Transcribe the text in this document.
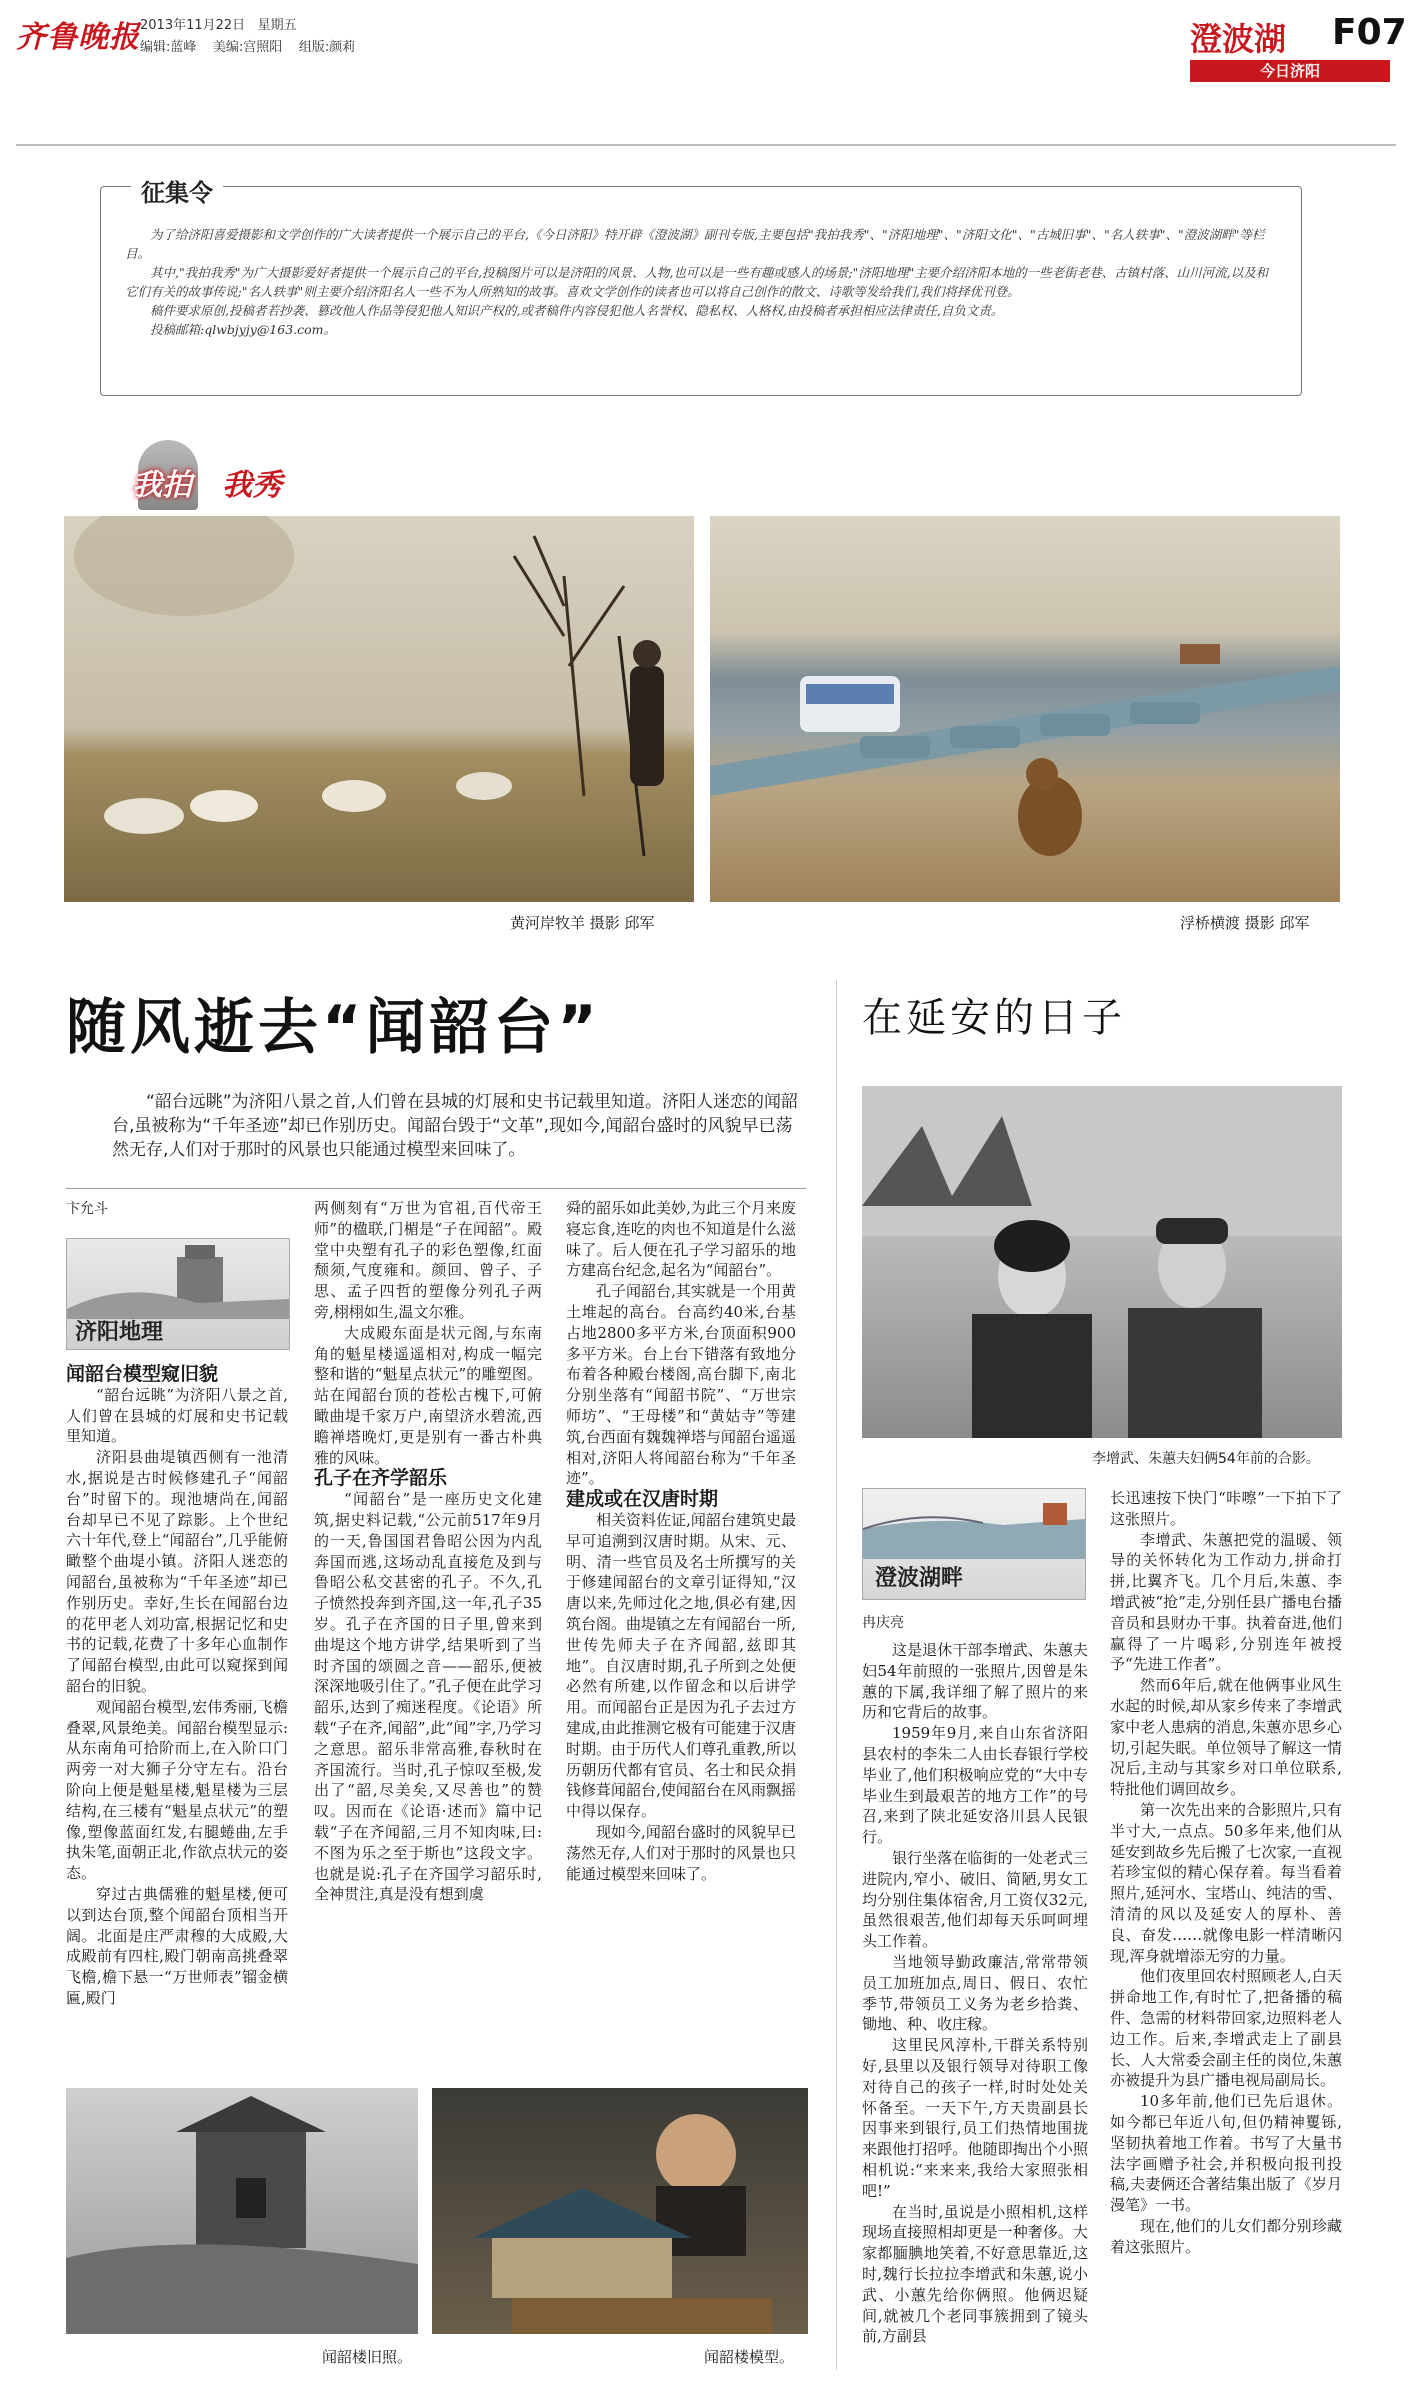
齐鲁晚报 2013年11月22日 星期五
编辑:蓝峰 美编:宫照阳 组版:颜莉	澄波湖 F07
今日济阳
征集令

为了给济阳喜爱摄影和文学创作的广大读者提供一个展示自己的平台,《今日济阳》特开辟《澄波湖》副刊专版,主要包括"我拍我秀"、"济阳地理"、"济阳文化"、"古城旧事"、"名人轶事"、"澄波湖畔"等栏目。

其中,"我拍我秀"为广大摄影爱好者提供一个展示自己的平台,投稿图片可以是济阳的风景、人物,也可以是一些有趣或感人的场景;"济阳地理"主要介绍济阳本地的一些老街老巷、古镇村落、山川河流,以及和它们有关的故事传说;"名人轶事"则主要介绍济阳名人一些不为人所熟知的故事。喜欢文学创作的读者也可以将自己创作的散文、诗歌等发给我们,我们将择优刊登。

稿件要求原创,投稿者若抄袭、篡改他人作品等侵犯他人知识产权的,或者稿件内容侵犯他人名誉权、隐私权、人格权,由投稿者承担相应法律责任,自负文责。

投稿邮箱:qlwbjyjy@163.com。

我拍 我秀
黄河岸牧羊 摄影 邱军	浮桥横渡 摄影 邱军
随风逝去“闻韶台”
“韶台远眺”为济阳八景之首,人们曾在县城的灯展和史书记载里知道。济阳人迷恋的闻韶台,虽被称为“千年圣迹”却已作别历史。闻韶台毁于“文革”,现如今,闻韶台盛时的风貌早已荡然无存,人们对于那时的风景也只能通过模型来回味了。
卞允斗
济阳地理

闻韶台模型窥旧貌

“韶台远眺”为济阳八景之首,人们曾在县城的灯展和史书记载里知道。

济阳县曲堤镇西侧有一池清水,据说是古时候修建孔子“闻韶台”时留下的。现池塘尚在,闻韶台却早已不见了踪影。上个世纪六十年代,登上“闻韶台”,几乎能俯瞰整个曲堤小镇。济阳人迷恋的闻韶台,虽被称为“千年圣迹”却已作别历史。幸好,生长在闻韶台边的花甲老人刘功富,根据记忆和史书的记载,花费了十多年心血制作了闻韶台模型,由此可以窥探到闻韶台的旧貌。

观闻韶台模型,宏伟秀丽,飞檐叠翠,风景绝美。闻韶台模型显示:从东南角可拾阶而上,在入阶口门两旁一对大狮子分守左右。沿台阶向上便是魁星楼,魁星楼为三层结构,在三楼有“魁星点状元”的塑像,塑像蓝面红发,右腿蜷曲,左手执朱笔,面朝正北,作欲点状元的姿态。

穿过古典儒雅的魁星楼,便可以到达台顶,整个闻韶台顶相当开阔。北面是庄严肃穆的大成殿,大成殿前有四柱,殿门朝南高挑叠翠飞檐,檐下悬一“万世师表”镏金横匾,殿门

两侧刻有“万世为官祖,百代帝王师”的楹联,门楣是“子在闻韶”。殿堂中央塑有孔子的彩色塑像,红面颓须,气度雍和。颜回、曾子、子思、孟子四哲的塑像分列孔子两旁,栩栩如生,温文尔雅。

大成殿东面是状元阁,与东南角的魁星楼遥遥相对,构成一幅完整和谐的“魁星点状元”的雕塑图。站在闻韶台顶的苍松古槐下,可俯瞰曲堤千家万户,南望济水碧流,西瞻禅塔晚灯,更是别有一番古朴典雅的风味。

孔子在齐学韶乐

“闻韶台”是一座历史文化建筑,据史料记载,“公元前517年9月的一天,鲁国国君鲁昭公因为内乱奔国而逃,这场动乱直接危及到与鲁昭公私交甚密的孔子。不久,孔子愤然投奔到齐国,这一年,孔子35岁。孔子在齐国的日子里,曾来到曲堤这个地方讲学,结果听到了当时齐国的颂圆之音——韶乐,便被深深地吸引住了。”孔子便在此学习韶乐,达到了痴迷程度。《论语》所载“子在齐,闻韶”,此“闻”字,乃学习之意思。韶乐非常高雅,春秋时在齐国流行。当时,孔子惊叹至极,发出了“韶,尽美矣,又尽善也”的赞叹。因而在《论语·述而》篇中记载“子在齐闻韶,三月不知肉味,曰:不图为乐之至于斯也”这段文字。也就是说:孔子在齐国学习韶乐时,全神贯注,真是没有想到虞

舜的韶乐如此美妙,为此三个月来废寝忘食,连吃的肉也不知道是什么滋味了。后人便在孔子学习韶乐的地方建高台纪念,起名为“闻韶台”。

孔子闻韶台,其实就是一个用黄土堆起的高台。台高约40米,台基占地2800多平方米,台顶面积900多平方米。台上台下错落有致地分布着各种殿台楼阁,高台脚下,南北分别坐落有“闻韶书院”、“万世宗师坊”、“王母楼”和“黄姑寺”等建筑,台西面有魏魏禅塔与闻韶台遥遥相对,济阳人将闻韶台称为“千年圣迹”。

建成或在汉唐时期

相关资料佐证,闻韶台建筑史最早可追溯到汉唐时期。从宋、元、明、清一些官员及名士所撰写的关于修建闻韶台的文章引证得知,“汉唐以来,先师过化之地,俱必有建,因筑台阁。曲堤镇之左有闻韶台一所,世传先师夫子在齐闻韶,兹即其地”。自汉唐时期,孔子所到之处便必然有所建,以作留念和以后讲学用。而闻韶台正是因为孔子去过方建成,由此推测它极有可能建于汉唐时期。由于历代人们尊孔重教,所以历朝历代都有官员、名士和民众捐钱修葺闻韶台,使闻韶台在风雨飘摇中得以保存。

现如今,闻韶台盛时的风貌早已荡然无存,人们对于那时的风景也只能通过模型来回味了。

闻韶楼旧照。	闻韶楼模型。
在延安的日子
李增武、朱蕙夫妇俩54年前的合影。
澄波湖畔
冉庆亮

这是退休干部李增武、朱蕙夫妇54年前照的一张照片,因曾是朱蕙的下属,我详细了解了照片的来历和它背后的故事。

1959年9月,来自山东省济阳县农村的李朱二人由长春银行学校毕业了,他们积极响应党的“大中专毕业生到最艰苦的地方工作”的号召,来到了陕北延安洛川县人民银行。

银行坐落在临街的一处老式三进院内,窄小、破旧、简陋,男女工均分别住集体宿舍,月工资仅32元,虽然很艰苦,他们却每天乐呵呵埋头工作着。

当地领导勤政廉洁,常常带领员工加班加点,周日、假日、农忙季节,带领员工义务为老乡拾粪、锄地、种、收庄稼。

这里民风淳朴,干群关系特别好,县里以及银行领导对待职工像对待自己的孩子一样,时时处处关怀备至。一天下午,方天贵副县长因事来到银行,员工们热情地围拢来跟他打招呼。他随即掏出个小照相机说:“来来来,我给大家照张相吧!”

在当时,虽说是小照相机,这样现场直接照相却更是一种奢侈。大家都腼腆地笑着,不好意思靠近,这时,魏行长拉拉李增武和朱蕙,说小武、小蕙先给你俩照。他俩迟疑间,就被几个老同事簇拥到了镜头前,方副县

长迅速按下快门“咔嚓”一下拍下了这张照片。

李增武、朱蕙把党的温暖、领导的关怀转化为工作动力,拼命打拼,比翼齐飞。几个月后,朱蕙、李增武被“抢”走,分别任县广播电台播音员和县财办干事。执着奋进,他们赢得了一片喝彩,分别连年被授予“先进工作者”。

然而6年后,就在他俩事业风生水起的时候,却从家乡传来了李增武家中老人患病的消息,朱蕙亦思乡心切,引起失眠。单位领导了解这一情况后,主动与其家乡对口单位联系,特批他们调回故乡。

第一次先出来的合影照片,只有半寸大,一点点。50多年来,他们从延安到故乡先后搬了七次家,一直视若珍宝似的精心保存着。每当看着照片,延河水、宝塔山、纯洁的雪、清清的风以及延安人的厚朴、善良、奋发……就像电影一样清晰闪现,浑身就增添无穷的力量。

他们夜里回农村照顾老人,白天拼命地工作,有时忙了,把备播的稿件、急需的材料带回家,边照料老人边工作。后来,李增武走上了副县长、人大常委会副主任的岗位,朱蕙亦被提升为县广播电视局副局长。

10多年前,他们已先后退休。如今都已年近八旬,但仍精神矍铄,坚韧执着地工作着。书写了大量书法字画赠予社会,并积极向报刊投稿,夫妻俩还合著结集出版了《岁月漫笔》一书。

现在,他们的儿女们都分别珍藏着这张照片。
